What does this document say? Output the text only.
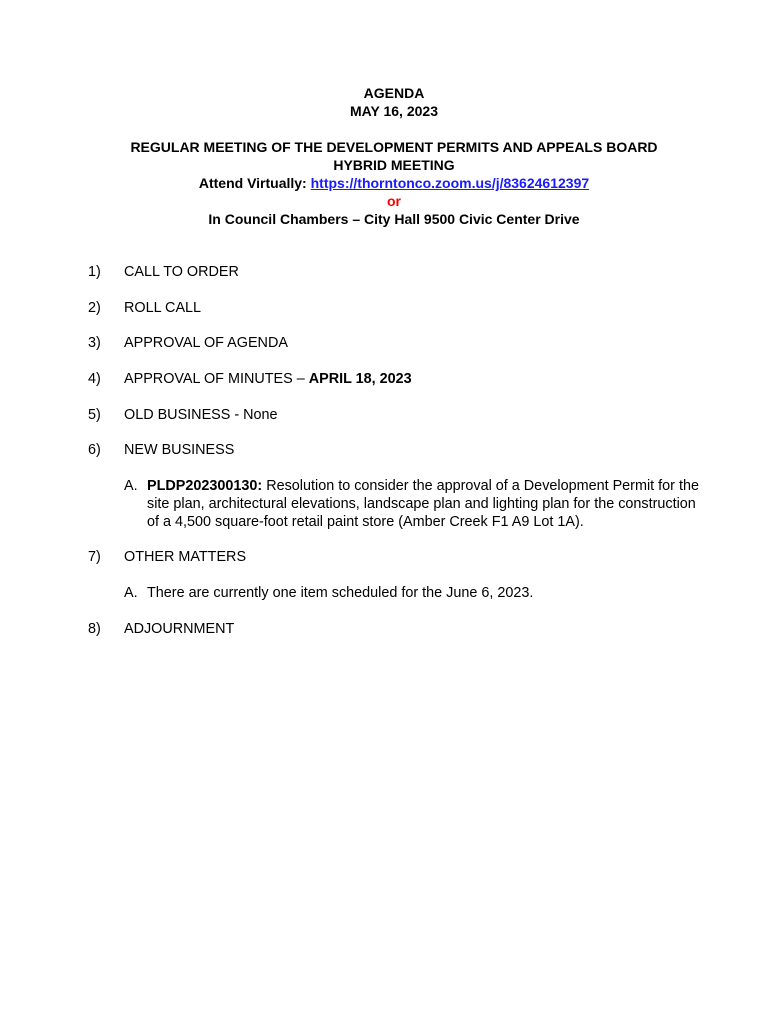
AGENDA
MAY 16, 2023
REGULAR MEETING OF THE DEVELOPMENT PERMITS AND APPEALS BOARD
HYBRID MEETING
Attend Virtually: https://thorntonco.zoom.us/j/83624612397
or
In Council Chambers – City Hall 9500 Civic Center Drive
1)	CALL TO ORDER
2)	ROLL CALL
3)	APPROVAL OF AGENDA
4)	APPROVAL OF MINUTES – APRIL 18, 2023
5)	OLD BUSINESS - None
6)	NEW BUSINESS
A. PLDP202300130: Resolution to consider the approval of a Development Permit for the site plan, architectural elevations, landscape plan and lighting plan for the construction of a 4,500 square-foot retail paint store (Amber Creek F1 A9 Lot 1A).
7)	OTHER MATTERS
A. There are currently one item scheduled for the June 6, 2023.
8)	ADJOURNMENT
